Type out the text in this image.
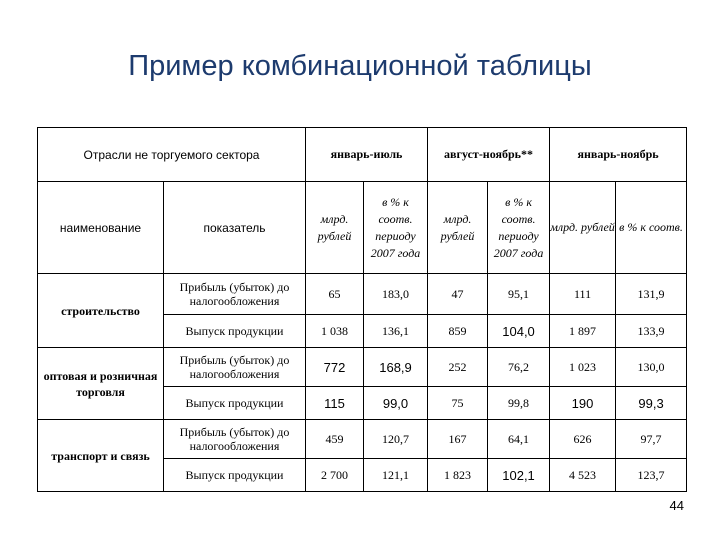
Пример комбинационной таблицы
Отрасли не торгуемого сектора		январь-июль		август-ноябрь**		январь-ноябрь	
наименование	показатель	млрд. рублей	в % к соотв. периоду 2007 года	млрд. рублей	в % к соотв. периоду 2007 года	млрд. рублей	в % к соотв.
строительство	Прибыль (убыток) до налогообложения	65	183,0	47	95,1	111	131,9
	Выпуск продукции	1 038	136,1	859	104,0	1 897	133,9
оптовая и розничная торговля	Прибыль (убыток) до налогообложения	772	168,9	252	76,2	1 023	130,0
	Выпуск продукции	115	99,0	75	99,8	190	99,3
транспорт и связь	Прибыль (убыток) до налогообложения	459	120,7	167	64,1	626	97,7
	Выпуск продукции	2 700	121,1	1 823	102,1	4 523	123,7
44
